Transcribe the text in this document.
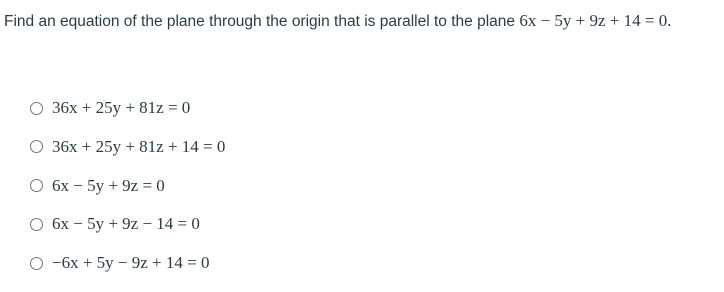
Find an equation of the plane through the origin that is parallel to the plane 6x − 5y + 9z + 14 = 0.
36x + 25y + 81z = 0
36x + 25y + 81z + 14 = 0
6x − 5y + 9z = 0
6x − 5y + 9z − 14 = 0
−6x + 5y − 9z + 14 = 0
